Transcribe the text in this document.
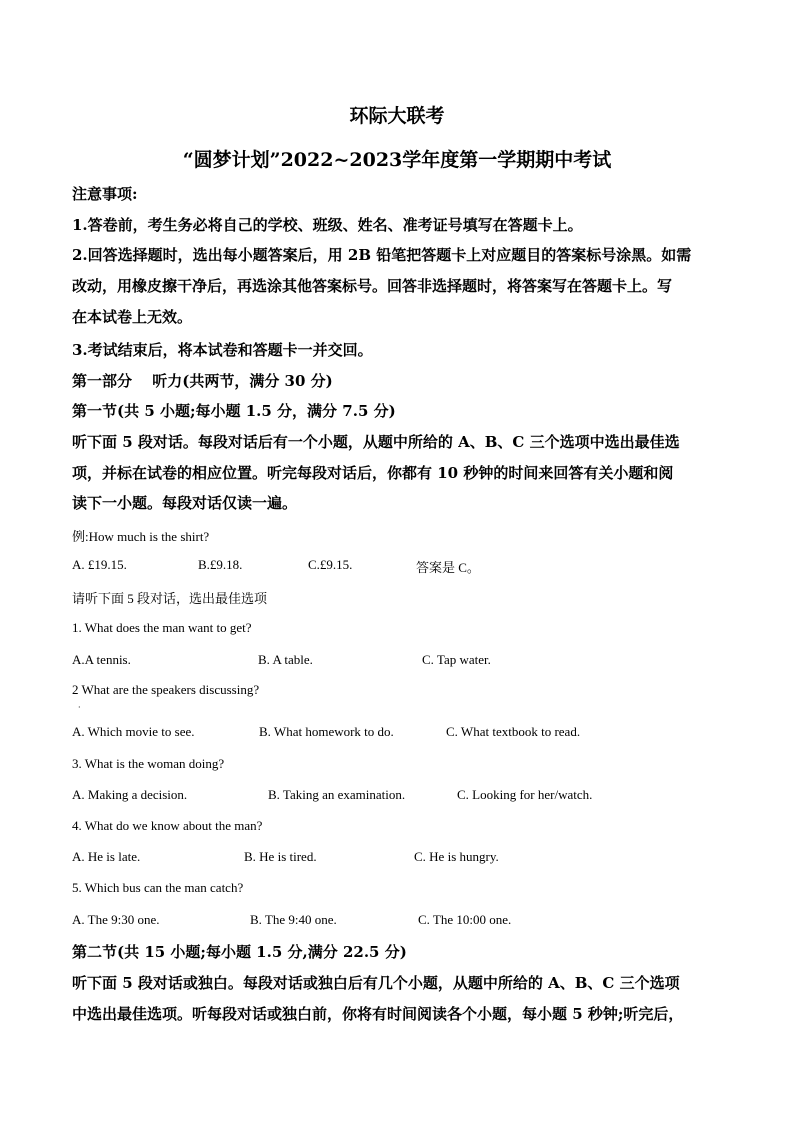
环际大联考
“圆梦计划”2022~2023学年度第一学期期中考试
注意事项:
1.答卷前，考生务必将自己的学校、班级、姓名、准考证号填写在答题卡上。
2.回答选择题时，选出每小题答案后，用 2B 铅笔把答题卡上对应题目的答案标号涂黑。如需
改动，用橡皮擦干净后，再选涂其他答案标号。回答非选择题时，将答案写在答题卡上。写
在本试卷上无效。
3.考试结束后，将本试卷和答题卡一并交回。
第一部分　 听力(共两节，满分 30 分)
第一节(共 5 小题;每小题 1.5 分，满分 7.5 分)
听下面 5 段对话。每段对话后有一个小题，从题中所给的 A、B、C 三个选项中选出最佳选
项，并标在试卷的相应位置。听完每段对话后，你都有 10 秒钟的时间来回答有关小题和阅
读下一小题。每段对话仅读一遍。
例:How much is the shirt?
A. £19.15.	B.£9.18.	C.£9.15.	答案是 C。
请听下面 5 段对话，选出最佳选项
1. What does the man want to get?
A.A tennis.	B. A table.	C. Tap water.
2 What are the speakers discussing?
·
A. Which movie to see.	B. What homework to do.	C. What textbook to read.
3. What is the woman doing?
A. Making a decision.	B. Taking an examination.	C. Looking for her/watch.
4. What do we know about the man?
A. He is late.	B. He is tired.	C. He is hungry.
5. Which bus can the man catch?
A. The 9:30 one.	B. The 9:40 one.	C. The 10:00 one.
第二节(共 15 小题;每小题 1.5 分,满分 22.5 分)
听下面 5 段对话或独白。每段对话或独白后有几个小题，从题中所给的 A、B、C 三个选项
中选出最佳选项。听每段对话或独白前，你将有时间阅读各个小题，每小题 5 秒钟;听完后，
